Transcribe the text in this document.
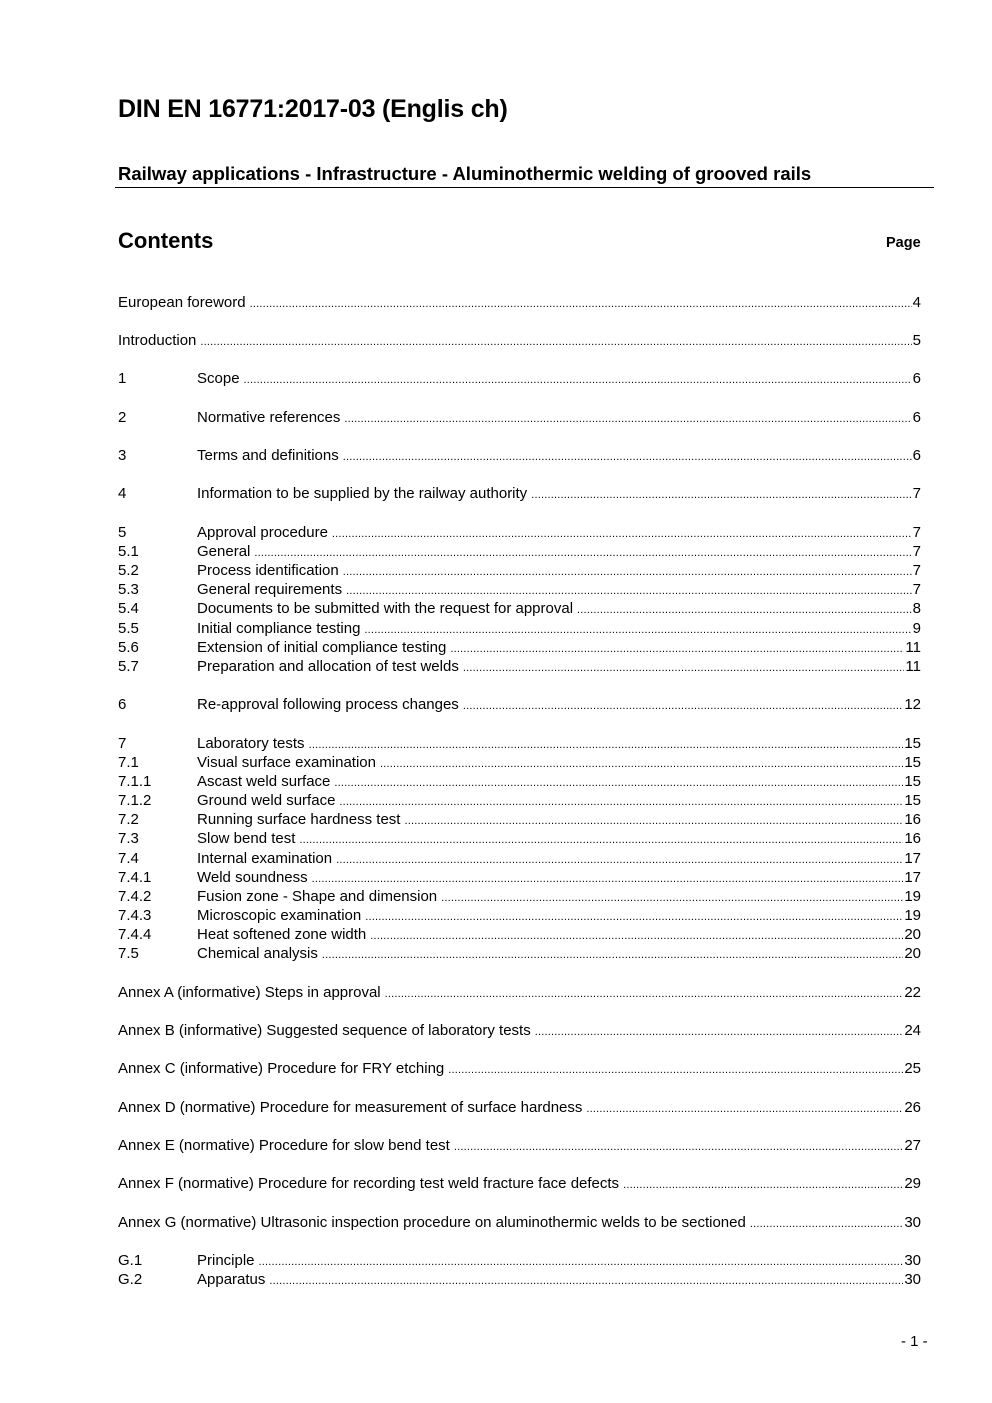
DIN EN 16771:2017-03 (Englis ch)
Railway applications - Infrastructure - Aluminothermic welding of grooved rails
Contents	Page
European foreword .....	4
Introduction .....	5
1	Scope .....	6
2	Normative references .....	6
3	Terms and definitions .....	6
4	Information to be supplied by the railway authority .....	7
5	Approval procedure .....	7
5.1	General .....	7
5.2	Process identification .....	7
5.3	General requirements .....	7
5.4	Documents to be submitted with the request for approval .....	8
5.5	Initial compliance testing .....	9
5.6	Extension of initial compliance testing .....	11
5.7	Preparation and allocation of test welds .....	11
6	Re-approval following process changes .....	12
7	Laboratory tests .....	15
7.1	Visual surface examination .....	15
7.1.1	Ascast weld surface .....	15
7.1.2	Ground weld surface .....	15
7.2	Running surface hardness test .....	16
7.3	Slow bend test .....	16
7.4	Internal examination .....	17
7.4.1	Weld soundness .....	17
7.4.2	Fusion zone - Shape and dimension .....	19
7.4.3	Microscopic examination .....	19
7.4.4	Heat softened zone width .....	20
7.5	Chemical analysis .....	20
Annex A (informative) Steps in approval .....	22
Annex B (informative) Suggested sequence of laboratory tests .....	24
Annex C (informative) Procedure for FRY etching .....	25
Annex D (normative) Procedure for measurement of surface hardness .....	26
Annex E (normative) Procedure for slow bend test .....	27
Annex F (normative) Procedure for recording test weld fracture face defects .....	29
Annex G (normative) Ultrasonic inspection procedure on aluminothermic welds to be sectioned .....	30
G.1	Principle .....	30
G.2	Apparatus .....	30
- 1 -
